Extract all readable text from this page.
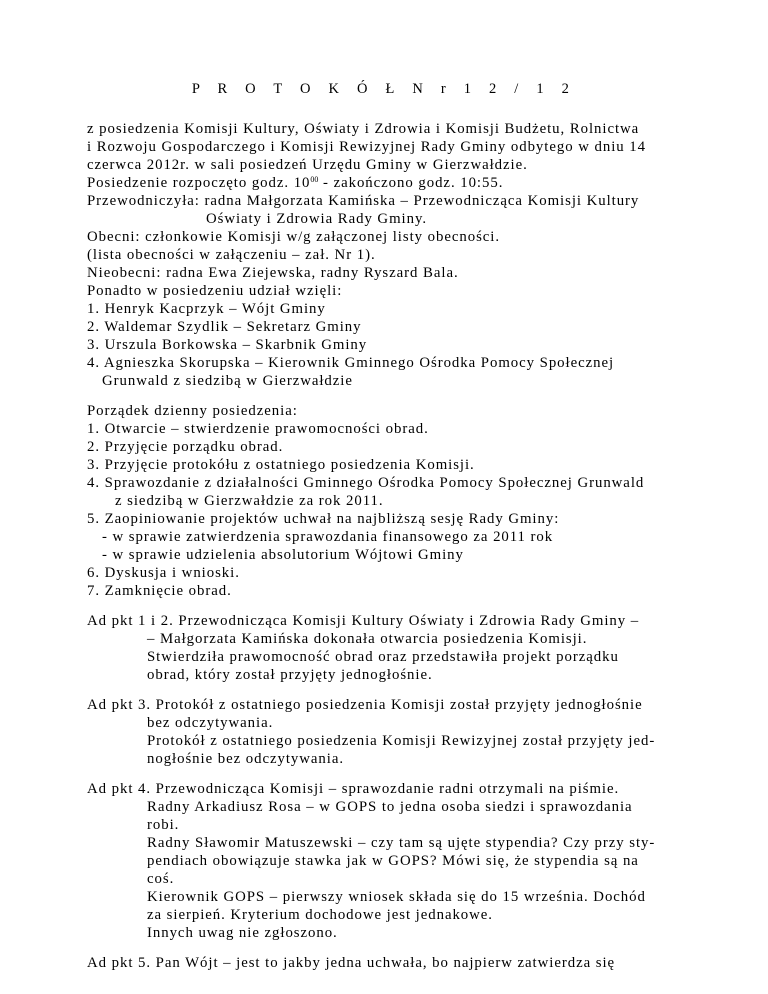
P R O T O K Ó Ł N r 1 2 / 1 2
z posiedzenia Komisji Kultury, Oświaty i Zdrowia i Komisji Budżetu, Rolnictwa
i Rozwoju Gospodarczego i Komisji Rewizyjnej Rady Gminy odbytego w dniu 14
czerwca 2012r. w sali posiedzeń Urzędu Gminy w Gierzwałdzie.
Posiedzenie rozpoczęto godz. $10^{00}$ - zakończono godz. 10:55.
Przewodniczyła: radna Małgorzata Kamińska – Przewodnicząca Komisji Kultury
Oświaty i Zdrowia Rady Gminy.
Obecni: członkowie Komisji w/g załączonej listy obecności.
(lista obecności w załączeniu – zał. Nr 1).
Nieobecni: radna Ewa Ziejewska, radny Ryszard Bala.
Ponadto w posiedzeniu udział wzięli:
1. Henryk Kacprzyk – Wójt Gminy
2. Waldemar Szydlik – Sekretarz Gminy
3. Urszula Borkowska – Skarbnik Gminy
4. Agnieszka Skorupska – Kierownik Gminnego Ośrodka Pomocy Społecznej
Grunwald z siedzibą w Gierzwałdzie
Porządek dzienny posiedzenia:
1. Otwarcie – stwierdzenie prawomocności obrad.
2. Przyjęcie porządku obrad.
3. Przyjęcie protokółu z ostatniego posiedzenia Komisji.
4. Sprawozdanie z działalności Gminnego Ośrodka Pomocy Społecznej Grunwald
z siedzibą w Gierzwałdzie za rok 2011.
5. Zaopiniowanie projektów uchwał na najbliższą sesję Rady Gminy:
- w sprawie zatwierdzenia sprawozdania finansowego za 2011 rok
- w sprawie udzielenia absolutorium Wójtowi Gminy
6. Dyskusja i wnioski.
7. Zamknięcie obrad.
Ad pkt 1 i 2. Przewodnicząca Komisji Kultury Oświaty i Zdrowia Rady Gminy –
– Małgorzata Kamińska dokonała otwarcia posiedzenia Komisji.
Stwierdziła prawomocność obrad oraz przedstawiła projekt porządku
obrad, który został przyjęty jednogłośnie.
Ad pkt 3. Protokół z ostatniego posiedzenia Komisji został przyjęty jednogłośnie
bez odczytywania.
Protokół z ostatniego posiedzenia Komisji Rewizyjnej został przyjęty jed-
nogłośnie bez odczytywania.
Ad pkt 4. Przewodnicząca Komisji – sprawozdanie radni otrzymali na piśmie.
Radny Arkadiusz Rosa – w GOPS to jedna osoba siedzi i sprawozdania
robi.
Radny Sławomir Matuszewski – czy tam są ujęte stypendia? Czy przy sty-
pendiach obowiązuje stawka jak w GOPS? Mówi się, że stypendia są na
coś.
Kierownik GOPS – pierwszy wniosek składa się do 15 września. Dochód
za sierpień. Kryterium dochodowe jest jednakowe.
Innych uwag nie zgłoszono.
Ad pkt 5. Pan Wójt – jest to jakby jedna uchwała, bo najpierw zatwierdza się
